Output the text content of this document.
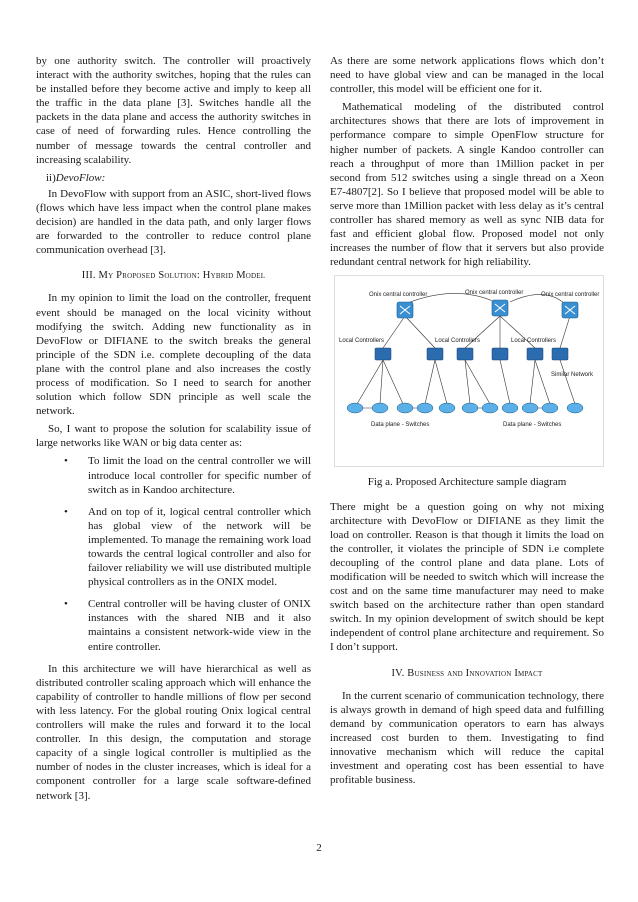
by one authority switch. The controller will proactively interact with the authority switches, hoping that the rules can be installed before they become active and imply to keep all the traffic in the data plane [3]. Switches handle all the packets in the data plane and access the authority switches in case of need of forwarding rules. Hence controlling the number of message towards the central controller and increasing scalability.

ii)DevoFlow:

In DevoFlow with support from an ASIC, short-lived flows (flows which have less impact when the control plane makes decision) are handled in the data path, and only larger flows are forwarded to the controller to reduce control plane communication overhead [3].

III. My Proposed Solution: Hybrid Model

In my opinion to limit the load on the controller, frequent event should be managed on the local vicinity without modifying the switch. Adding new functionality as in DevoFlow or DIFIANE to the switch breaks the general principle of the SDN i.e. complete decoupling of the data plane with the control plane and also increases the costly process of modification. So I need to search for another solution which follow SDN principle as well scale the network.

So, I want to propose the solution for scalability issue of large networks like WAN or big data center as:

• To limit the load on the central controller we will introduce local controller for specific number of switch as in Kandoo architecture.
• And on top of it, logical central controller which has global view of the network will be implemented. To manage the remaining work load towards the central logical controller and also for failover reliability we will use distributed multiple physical controllers as in the ONIX model.
• Central controller will be having cluster of ONIX instances with the shared NIB and it also maintains a consistent network-wide view in the entire controller.

In this architecture we will have hierarchical as well as distributed controller scaling approach which will enhance the capability of controller to handle millions of flow per second with less latency. For the global routing Onix logical central controllers will make the rules and forward it to the local controller. In this design, the computation and storage capacity of a single logical controller is multiplied as the number of nodes in the cluster increases, which is ideal for a component controller for a large scale software-defined network [3].

As there are some network applications flows which don’t need to have global view and can be managed in the local controller, this model will be efficient one for it.

Mathematical modeling of the distributed control architectures shows that there are lots of improvement in performance compare to simple OpenFlow structure for higher number of packets. A single Kandoo controller can reach a throughput of more than 1Million packet in per second from 512 switches using a single thread on a Xeon E7-4807[2]. So I believe that proposed model will be able to serve more than 1Million packet with less delay as it’s central controller has shared memory as well as sync NIB data for fast and efficient global flow. Proposed model not only increases the number of flow that it servers but also provide redundant central network for high reliability.

Onix central controller	Onix central controller	Onix central controller
Local Controllers	Local Controllers	Local Controllers
Similar Network
Data plane - Switches	Data plane - Switches

Fig a. Proposed Architecture sample diagram

There might be a question going on why not mixing architecture with DevoFlow or DIFIANE as they limit the load on controller. Reason is that though it limits the load on the controller, it violates the principle of SDN i.e complete decoupling of the control plane and data plane. Lots of modification will be needed to switch which will increase the cost and on the same time manufacturer may need to make switch based on the architecture rather than open standard switch. In my opinion development of switch should be kept independent of control plane architecture and requirement. So I don’t support.

IV. Business and Innovation Impact

In the current scenario of communication technology, there is always growth in demand of high speed data and fulfilling demand by communication operators to earn has always increased cost burden to them. Investigating to find innovative mechanism which will reduce the capital investment and operating cost has been essential to have profitable business.

2
